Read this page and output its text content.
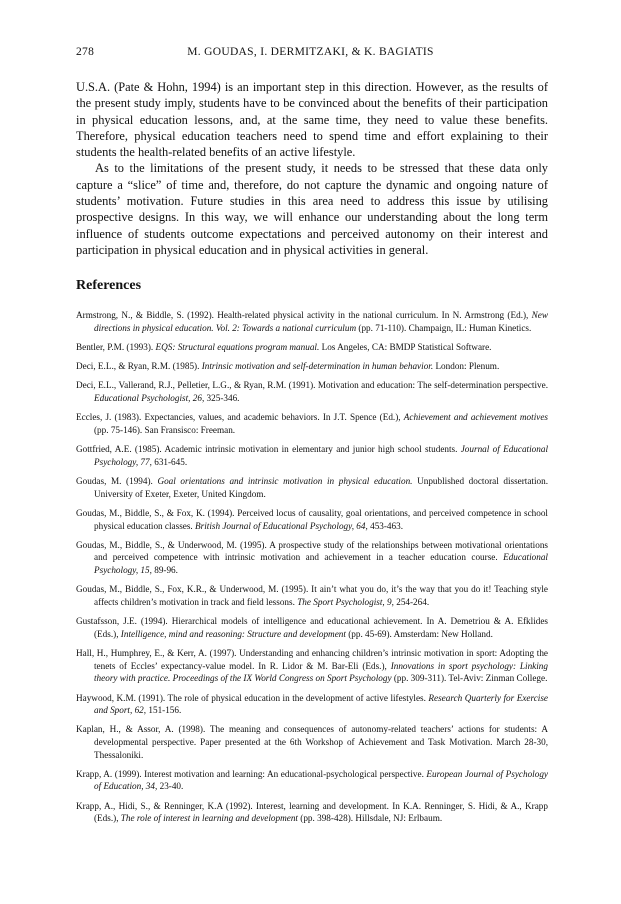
278	M. GOUDAS, I. DERMITZAKI, & K. BAGIATIS

U.S.A. (Pate & Hohn, 1994) is an important step in this direction. However, as the results of the present study imply, students have to be convinced about the benefits of their participation in physical education lessons, and, at the same time, they need to value these benefits. Therefore, physical education teachers need to spend time and effort explaining to their students the health-related benefits of an active lifestyle.

As to the limitations of the present study, it needs to be stressed that these data only capture a “slice” of time and, therefore, do not capture the dynamic and ongoing nature of students’ motivation. Future studies in this area need to address this issue by utilising prospective designs. In this way, we will enhance our understanding about the long term influence of students outcome expectations and perceived autonomy on their interest and participation in physical education and in physical activities in general.

References

Armstrong, N., & Biddle, S. (1992). Health-related physical activity in the national curriculum. In N. Armstrong (Ed.), New directions in physical education. Vol. 2: Towards a national curriculum (pp. 71-110). Champaign, IL: Human Kinetics.

Bentler, P.M. (1993). EQS: Structural equations program manual. Los Angeles, CA: BMDP Statistical Software.

Deci, E.L., & Ryan, R.M. (1985). Intrinsic motivation and self-determination in human behavior. London: Plenum.

Deci, E.L., Vallerand, R.J., Pelletier, L.G., & Ryan, R.M. (1991). Motivation and education: The self-determination perspective. Educational Psychologist, 26, 325-346.

Eccles, J. (1983). Expectancies, values, and academic behaviors. In J.T. Spence (Ed.), Achievement and achievement motives (pp. 75-146). San Fransisco: Freeman.

Gottfried, A.E. (1985). Academic intrinsic motivation in elementary and junior high school students. Journal of Educational Psychology, 77, 631-645.

Goudas, M. (1994). Goal orientations and intrinsic motivation in physical education. Unpublished doctoral dissertation. University of Exeter, Exeter, United Kingdom.

Goudas, M., Biddle, S., & Fox, K. (1994). Perceived locus of causality, goal orientations, and perceived competence in school physical education classes. British Journal of Educational Psychology, 64, 453-463.

Goudas, M., Biddle, S., & Underwood, M. (1995). A prospective study of the relationships between motivational orientations and perceived competence with intrinsic motivation and achievement in a teacher education course. Educational Psychology, 15, 89-96.

Goudas, M., Biddle, S., Fox, K.R., & Underwood, M. (1995). It ain’t what you do, it’s the way that you do it! Teaching style affects children’s motivation in track and field lessons. The Sport Psychologist, 9, 254-264.

Gustafsson, J.E. (1994). Hierarchical models of intelligence and educational achievement. In A. Demetriou & A. Efklides (Eds.), Intelligence, mind and reasoning: Structure and development (pp. 45-69). Amsterdam: New Holland.

Hall, H., Humphrey, E., & Kerr, A. (1997). Understanding and enhancing children’s intrinsic motivation in sport: Adopting the tenets of Eccles’ expectancy-value model. In R. Lidor & M. Bar-Eli (Eds.), Innovations in sport psychology: Linking theory with practice. Proceedings of the IX World Congress on Sport Psychology (pp. 309-311). Tel-Aviv: Zinman College.

Haywood, K.M. (1991). The role of physical education in the development of active lifestyles. Research Quarterly for Exercise and Sport, 62, 151-156.

Kaplan, H., & Assor, A. (1998). The meaning and consequences of autonomy-related teachers’ actions for students: A developmental perspective. Paper presented at the 6th Workshop of Achievement and Task Motivation. March 28-30, Thessaloniki.

Krapp, A. (1999). Interest motivation and learning: An educational-psychological perspective. European Journal of Psychology of Education, 34, 23-40.

Krapp, A., Hidi, S., & Renninger, K.A (1992). Interest, learning and development. In K.A. Renninger, S. Hidi, & A., Krapp (Eds.), The role of interest in learning and development (pp. 398-428). Hillsdale, NJ: Erlbaum.
